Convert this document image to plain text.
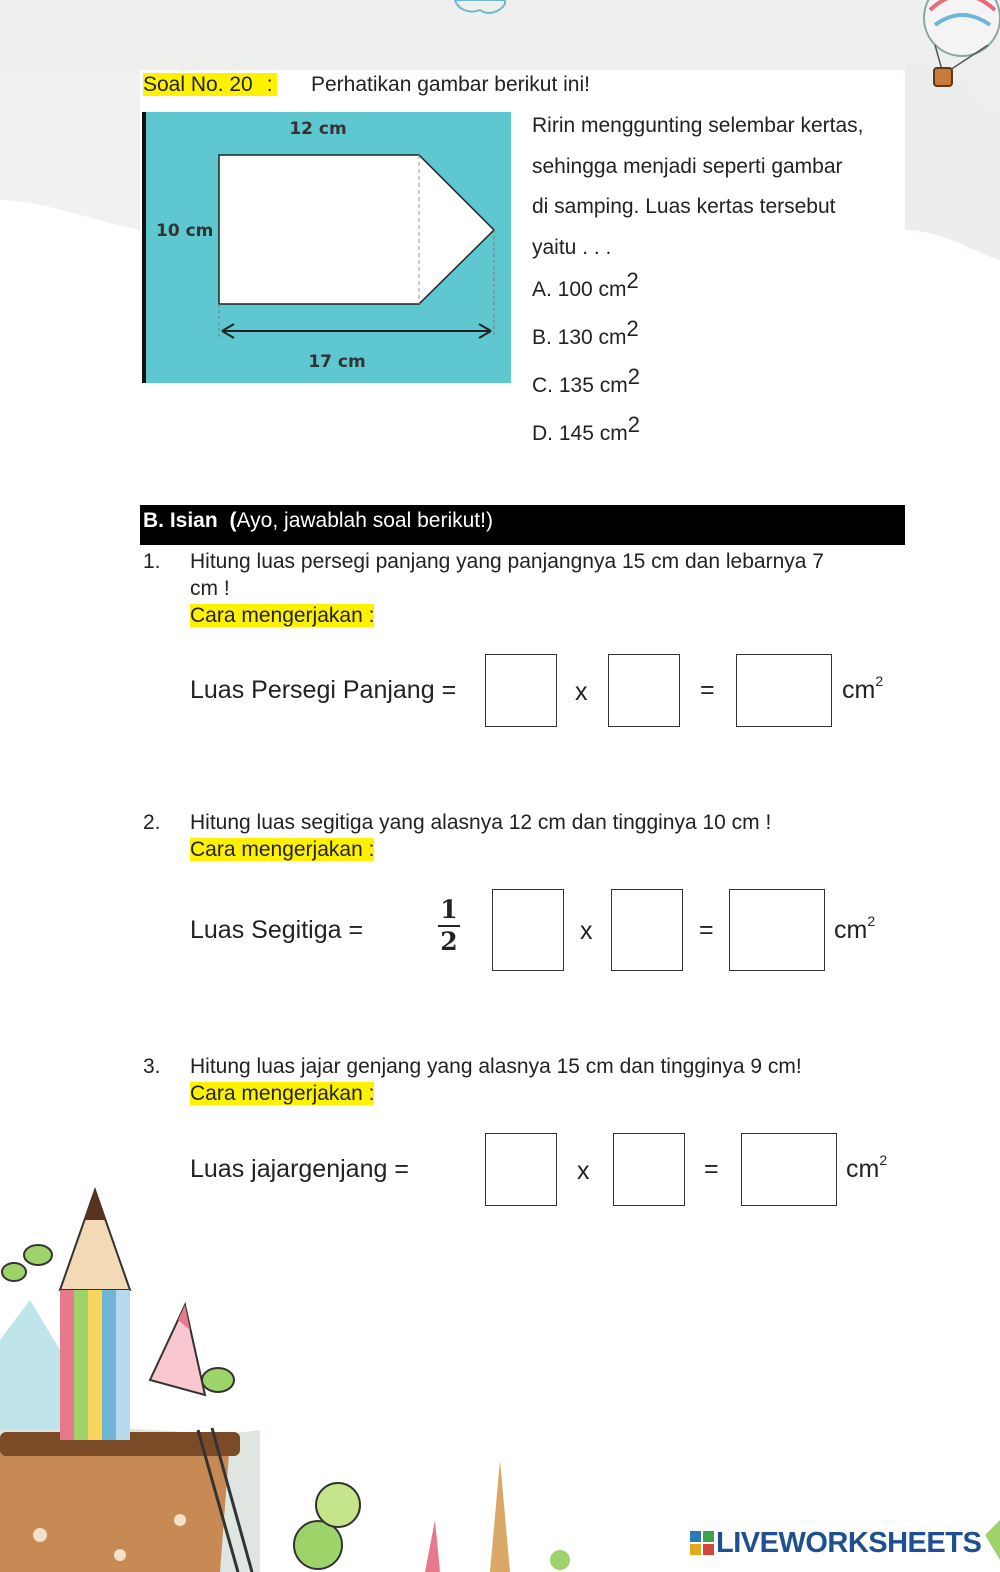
Soal No. 20 : Perhatikan gambar berikut ini!
12 cm
10 cm
17 cm
Ririn menggunting selembar kertas,
sehingga menjadi seperti gambar
di samping. Luas kertas tersebut
yaitu . . .
A. 100 cm2
B. 130 cm2
C. 135 cm2
D. 145 cm2
B. Isian (Ayo, jawablah soal berikut!)
1. Hitung luas persegi panjang yang panjangnya 15 cm dan lebarnya 7
cm !
Cara mengerjakan :
Luas Persegi Panjang =	x	=	$cm^2$
2. Hitung luas segitiga yang alasnya 12 cm dan tingginya 10 cm !
Cara mengerjakan :
Luas Segitiga =
1
2	x	=	$cm^2$
3. Hitung luas jajar genjang yang alasnya 15 cm dan tingginya 9 cm!
Cara mengerjakan :
Luas jajargenjang =	x	=	$cm^2$
LIVEWORKSHEETS
